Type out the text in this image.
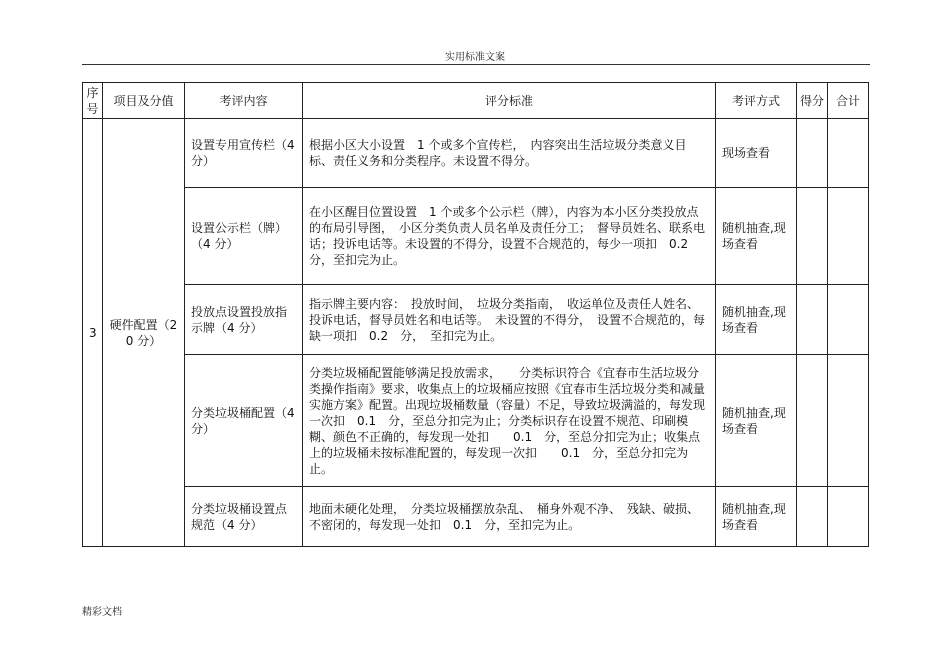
实用标准文案
序号	项目及分值	考评内容	评分标准	考评方式	得分	合计
3	硬件配置（20 分）	设置专用宣传栏（4 分）	根据小区大小设置　1 个或多个宣传栏，　内容突出生活垃圾分类意义目标、责任义务和分类程序。未设置不得分。	现场查看		
		设置公示栏（牌）（4 分）	在小区醒目位置设置　1 个或多个公示栏（牌），内容为本小区分类投放点的布局引导图，　小区分类负责人员名单及责任分工；　督导员姓名、联系电话；投诉电话等。未设置的不得分，设置不合规范的，每少一项扣　0.2　分，至扣完为止。	随机抽查,现场查看		
		投放点设置投放指示牌（4 分）	指示牌主要内容：　投放时间，　垃圾分类指南，　收运单位及责任人姓名、投诉电话，督导员姓名和电话等。　未设置的不得分，　设置不合规范的，每缺一项扣　0.2　分，　至扣完为止。	随机抽查,现场查看		
		分类垃圾桶配置（4 分）	分类垃圾桶配置能够满足投放需求，　　分类标识符合《宜春市生活垃圾分类操作指南》要求，收集点上的垃圾桶应按照《宜春市生活垃圾分类和减量实施方案》配置。出现垃圾桶数量（容量）不足，导致垃圾满溢的，每发现一次扣　0.1　分，至总分扣完为止；分类标识存在设置不规范、印刷模糊、颜色不正确的，每发现一处扣　　0.1　分，至总分扣完为止；收集点上的垃圾桶未按标准配置的，每发现一次扣　　0.1　分，至总分扣完为止。	随机抽查,现场查看		
		分类垃圾桶设置点规范（4 分）	地面未硬化处理，　分类垃圾桶摆放杂乱、　桶身外观不净、　残缺、破损、不密闭的，每发现一处扣　0.1　分，至扣完为止。	随机抽查,现场查看		
精彩文档
